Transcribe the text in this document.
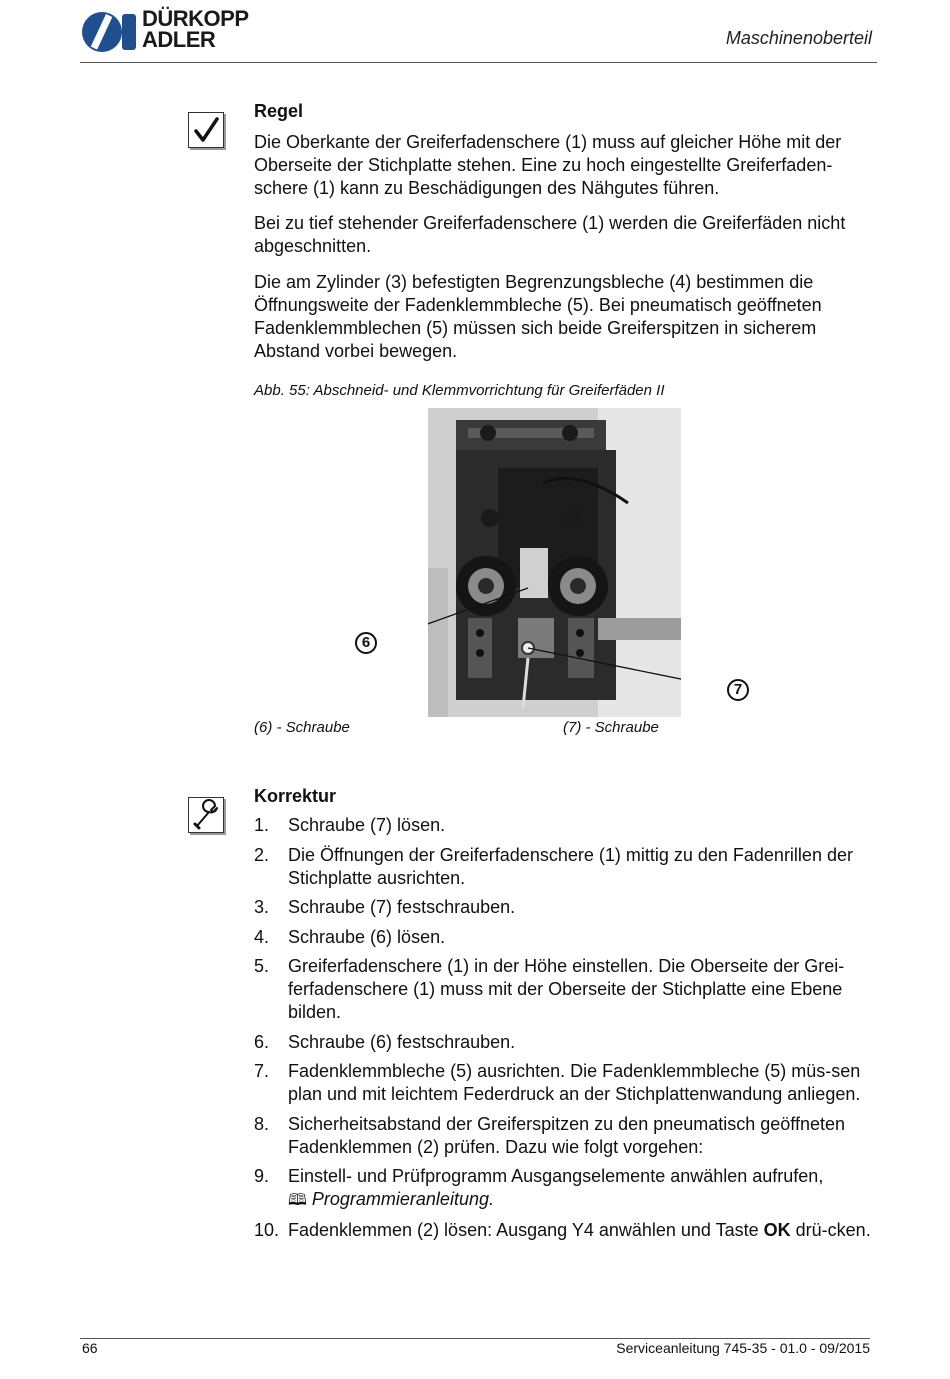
DÜRKOPP
ADLER	Maschinenoberteil
Regel
Die Oberkante der Greiferfadenschere (1) muss auf gleicher Höhe mit der Oberseite der Stichplatte stehen. Eine zu hoch eingestellte Greiferfaden-schere (1) kann zu Beschädigungen des Nähgutes führen.
Bei zu tief stehender Greiferfadenschere (1) werden die Greiferfäden nicht abgeschnitten.
Die am Zylinder (3) befestigten Begrenzungsbleche (4) bestimmen die Öffnungsweite der Fadenklemmbleche (5). Bei pneumatisch geöffneten Fadenklemmblechen (5) müssen sich beide Greiferspitzen in sicherem Abstand vorbei bewegen.
Abb. 55: Abschneid- und Klemmvorrichtung für Greiferfäden II
6
7
(6) - Schraube	(7) - Schraube
Korrektur
1. Schraube (7) lösen.
2. Die Öffnungen der Greiferfadenschere (1) mittig zu den Fadenrillen der Stichplatte ausrichten.
3. Schraube (7) festschrauben.
4. Schraube (6) lösen.
5. Greiferfadenschere (1) in der Höhe einstellen. Die Oberseite der Grei-ferfadenschere (1) muss mit der Oberseite der Stichplatte eine Ebene bilden.
6. Schraube (6) festschrauben.
7. Fadenklemmbleche (5) ausrichten. Die Fadenklemmbleche (5) müs-sen plan und mit leichtem Federdruck an der Stichplattenwandung anliegen.
8. Sicherheitsabstand der Greiferspitzen zu den pneumatisch geöffneten Fadenklemmen (2) prüfen. Dazu wie folgt vorgehen:
9. Einstell- und Prüfprogramm Ausgangselemente anwählen aufrufen,
🕮 Programmieranleitung.
10. Fadenklemmen (2) lösen: Ausgang Y4 anwählen und Taste OK drü-cken.
66	Serviceanleitung 745-35 - 01.0 - 09/2015
